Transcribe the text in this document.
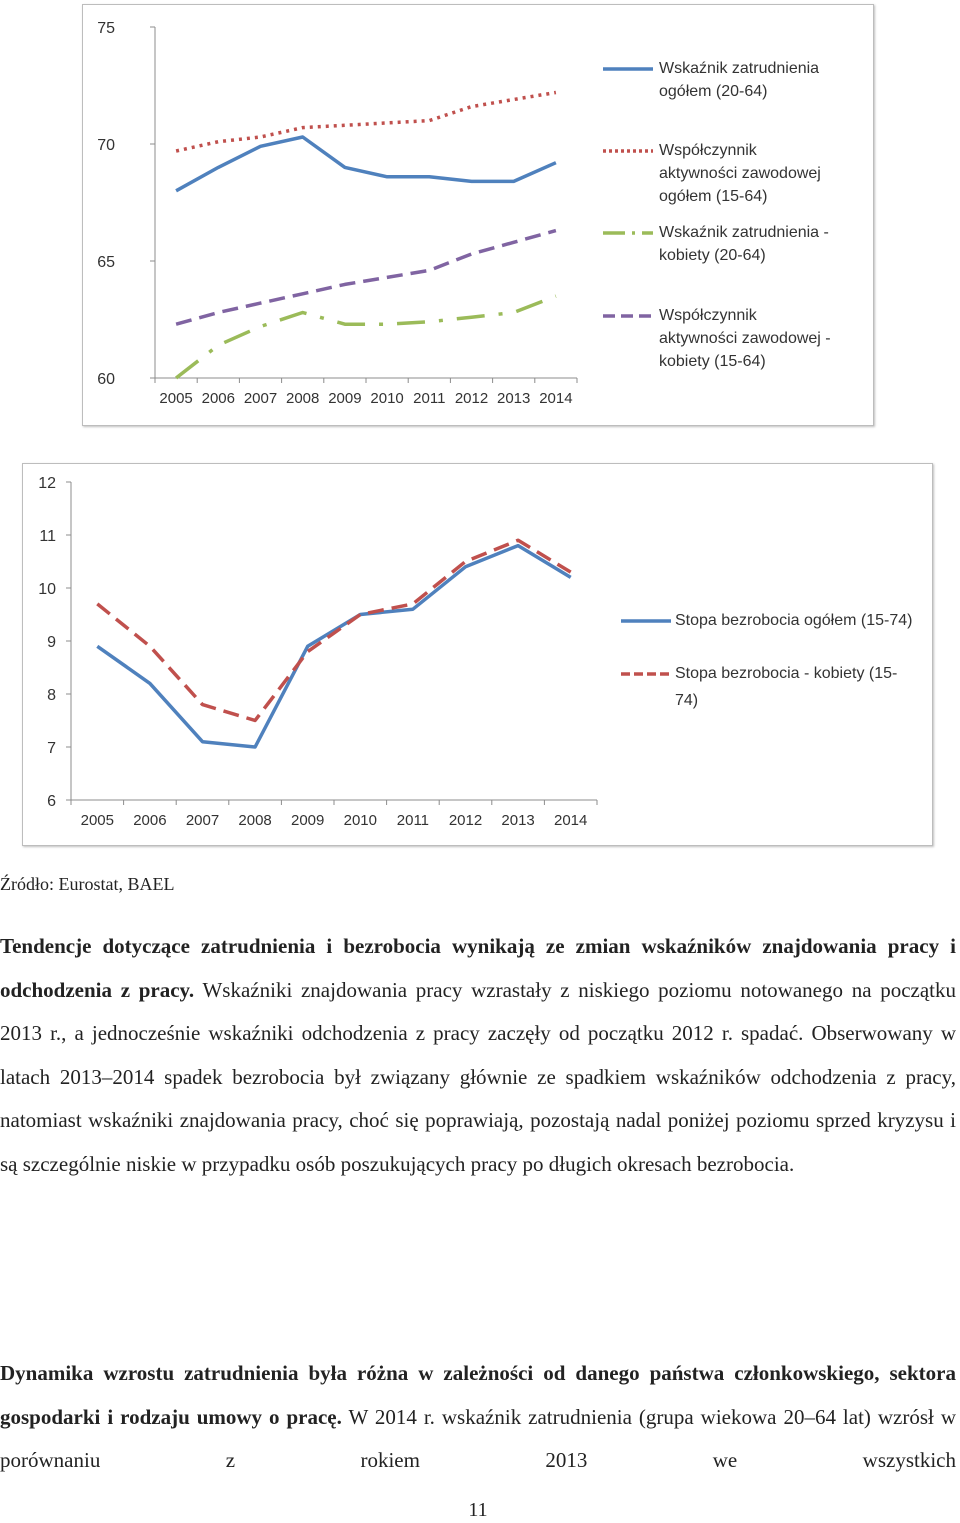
60
65
70
75
2005 2006 2007 2008 2009 2010 2011 2012 2013 2014
Wskaźnik zatrudnienia
ogółem (20-64)
Współczynnik
aktywności zawodowej
ogółem (15-64)
Wskaźnik zatrudnienia -
kobiety (20-64)
Współczynnik
aktywności zawodowej -
kobiety (15-64)
6
7
8
9
10
11
12
2005 2006 2007 2008 2009 2010 2011 2012 2013 2014
Stopa bezrobocia ogółem (15-74)
Stopa bezrobocia - kobiety (15-
74)
Źródło: Eurostat, BAEL
Tendencje dotyczące zatrudnienia i bezrobocia wynikają ze zmian wskaźników znajdowania pracy i odchodzenia z pracy. Wskaźniki znajdowania pracy wzrastały z niskiego poziomu notowanego na początku 2013 r., a jednocześnie wskaźniki odchodzenia z pracy zaczęły od początku 2012 r. spadać. Obserwowany w latach 2013–2014 spadek bezrobocia był związany głównie ze spadkiem wskaźników odchodzenia z pracy, natomiast wskaźniki znajdowania pracy, choć się poprawiają, pozostają nadal poniżej poziomu sprzed kryzysu i są szczególnie niskie w przypadku osób poszukujących pracy po długich okresach bezrobocia.
Dynamika wzrostu zatrudnienia była różna w zależności od danego państwa członkowskiego, sektora gospodarki i rodzaju umowy o pracę. W 2014 r. wskaźnik zatrudnienia (grupa wiekowa 20–64 lat) wzrósł w porównaniu z rokiem 2013 we wszystkich
11
